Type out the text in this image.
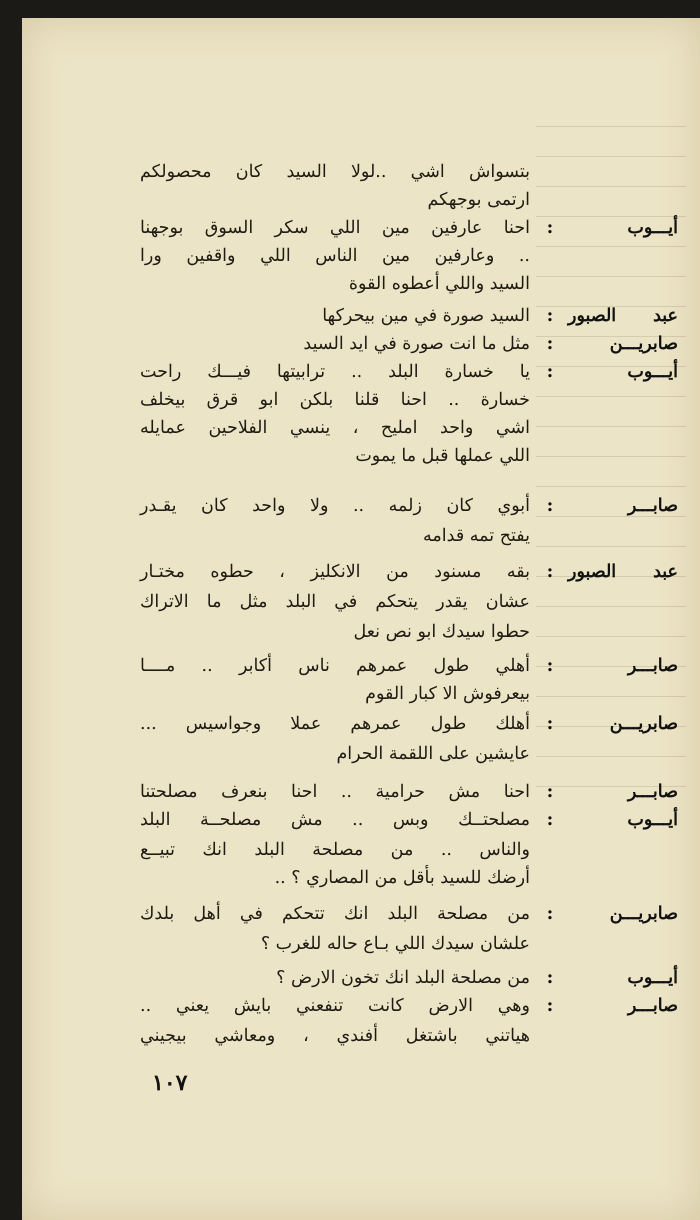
بتسواش اشي ..لولا السيد كان محصولكم
ارتمى بوجهكم
أيـــوب
:
احنا عارفين مين اللي سكر السوق بوجهنا
.. وعارفين مين الناس اللي واقفين ورا
السيد واللي أعطوه القوة
عبد الصبور
:
السيد صورة في مين بيحركها
صابريـــن
:
مثل ما انت صورة في ايد السيد
أيـــوب
:
يا خسارة البلد .. ترابيتها فيـــك راحت
خسارة .. احنا قلنا بلكن ابو قرق بيخلف
اشي واحد امليح ، ينسي الفلاحين عمايله
اللي عملها قبل ما يموت
صابـــر
:
أبوي كان زلمه .. ولا واحد كان يقـدر
يفتح تمه قدامه
عبد الصبور
:
بقه مسنود من الانكليز ، حطوه مختـار
عشان يقدر يتحكم في البلد مثل ما الاتراك
حطوا سيدك ابو نص نعل
صابـــر
:
أهلي طول عمرهم ناس أكابر .. مــــا
بيعرفوش الا كبار القوم
صابريـــن
:
أهلك طول عمرهم عملا وجواسيس ...
عايشين على اللقمة الحرام
صابـــر
:
احنا مش حرامية .. احنا بنعرف مصلحتنا
أيـــوب
:
مصلحتــك وبس .. مش مصلحــة البلد
والناس .. من مصلحة البلد انك تبيــع
أرضك للسيد بأقل من المصاري ؟ ..
صابريـــن
:
من مصلحة البلد انك تتحكم في أهل بلدك
علشان سيدك اللي بـاع حاله للغرب ؟
أيـــوب
:
من مصلحة البلد انك تخون الارض ؟
صابـــر
:
وهي الارض كانت تنفعني بايش يعني ..
هياتني باشتغل أفندي ، ومعاشي بيجيني
١٠٧
